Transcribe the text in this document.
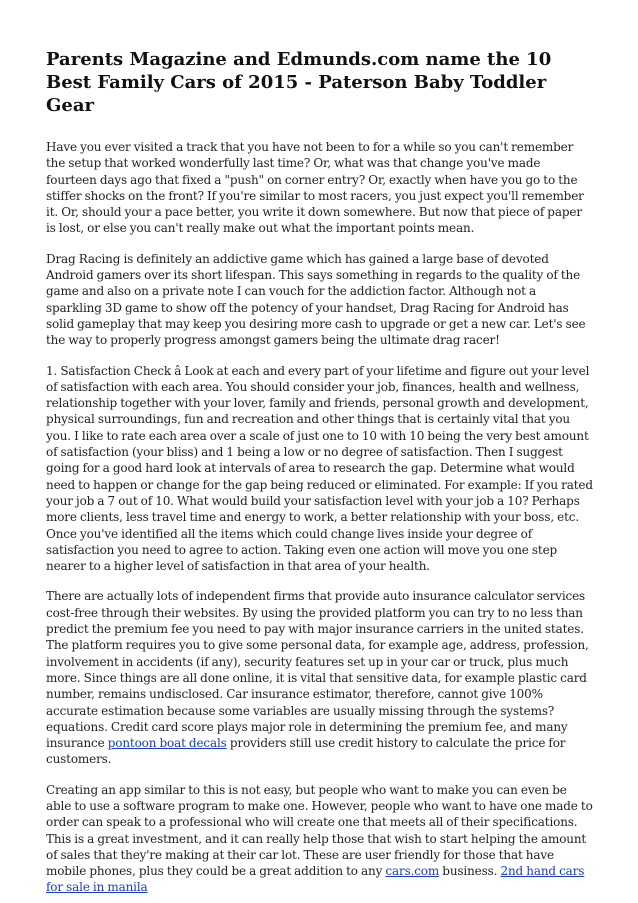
Parents Magazine and Edmunds.com name the 10 Best Family Cars of 2015 - Paterson Baby Toddler Gear

Have you ever visited a track that you have not been to for a while so you can't remember the setup that worked wonderfully last time? Or, what was that change you've made fourteen days ago that fixed a "push" on corner entry? Or, exactly when have you go to the stiffer shocks on the front? If you're similar to most racers, you just expect you'll remember it. Or, should your a pace better, you write it down somewhere. But now that piece of paper is lost, or else you can't really make out what the important points mean.

Drag Racing is definitely an addictive game which has gained a large base of devoted Android gamers over its short lifespan. This says something in regards to the quality of the game and also on a private note I can vouch for the addiction factor. Although not a sparkling 3D game to show off the potency of your handset, Drag Racing for Android has solid gameplay that may keep you desiring more cash to upgrade or get a new car. Let's see the way to properly progress amongst gamers being the ultimate drag racer!

1. Satisfaction Check â Look at each and every part of your lifetime and figure out your level of satisfaction with each area. You should consider your job, finances, health and wellness, relationship together with your lover, family and friends, personal growth and development, physical surroundings, fun and recreation and other things that is certainly vital that you you. I like to rate each area over a scale of just one to 10 with 10 being the very best amount of satisfaction (your bliss) and 1 being a low or no degree of satisfaction. Then I suggest going for a good hard look at intervals of area to research the gap. Determine what would need to happen or change for the gap being reduced or eliminated. For example: If you rated your job a 7 out of 10. What would build your satisfaction level with your job a 10? Perhaps more clients, less travel time and energy to work, a better relationship with your boss, etc. Once you've identified all the items which could change lives inside your degree of satisfaction you need to agree to action. Taking even one action will move you one step nearer to a higher level of satisfaction in that area of your health.

There are actually lots of independent firms that provide auto insurance calculator services cost-free through their websites. By using the provided platform you can try to no less than predict the premium fee you need to pay with major insurance carriers in the united states. The platform requires you to give some personal data, for example age, address, profession, involvement in accidents (if any), security features set up in your car or truck, plus much more. Since things are all done online, it is vital that sensitive data, for example plastic card number, remains undisclosed. Car insurance estimator, therefore, cannot give 100% accurate estimation because some variables are usually missing through the systems? equations. Credit card score plays major role in determining the premium fee, and many insurance pontoon boat decals providers still use credit history to calculate the price for customers.

Creating an app similar to this is not easy, but people who want to make you can even be able to use a software program to make one. However, people who want to have one made to order can speak to a professional who will create one that meets all of their specifications. This is a great investment, and it can really help those that wish to start helping the amount of sales that they're making at their car lot. These are user friendly for those that have mobile phones, plus they could be a great addition to any cars.com business. 2nd hand cars for sale in manila
